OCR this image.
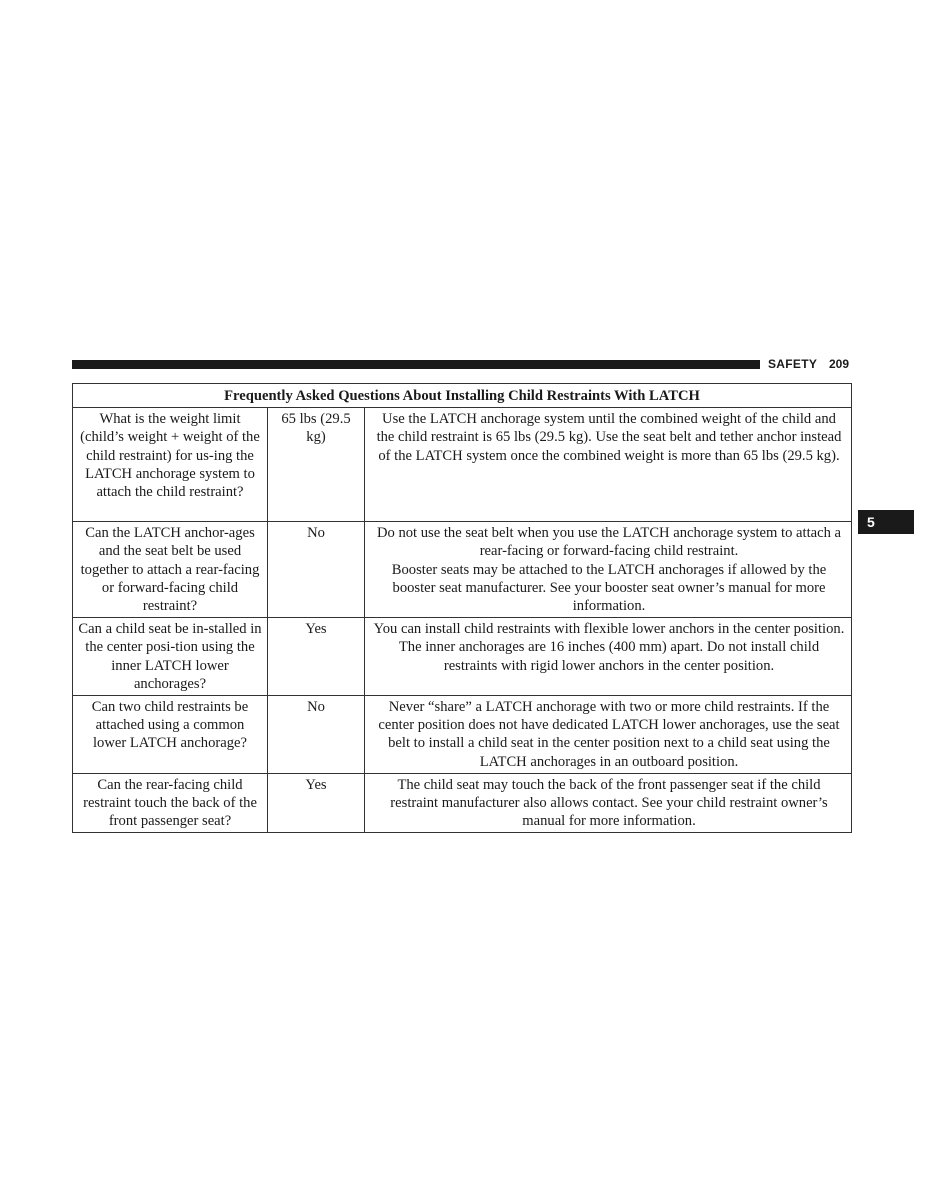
SAFETY 209
5
Frequently Asked Questions About Installing Child Restraints With LATCH		
What is the weight limit (child’s weight + weight of the child restraint) for us-ing the LATCH anchorage system to attach the child restraint?	65 lbs (29.5 kg)	Use the LATCH anchorage system until the combined weight of the child and the child restraint is 65 lbs (29.5 kg). Use the seat belt and tether anchor instead of the LATCH system once the combined weight is more than 65 lbs (29.5 kg).

Can the LATCH anchor-ages and the seat belt be used together to attach a rear-facing or forward-facing child restraint?	No	Do not use the seat belt when you use the LATCH anchorage system to attach a rear-facing or forward-facing child restraint.
Booster seats may be attached to the LATCH anchorages if allowed by the booster seat manufacturer. See your booster seat owner’s manual for more information.

Can a child seat be in-stalled in the center posi-tion using the inner LATCH lower anchorages?	Yes	You can install child restraints with flexible lower anchors in the center position. The inner anchorages are 16 inches (400 mm) apart. Do not install child restraints with rigid lower anchors in the center position.

Can two child restraints be attached using a common lower LATCH anchorage?	No	Never “share” a LATCH anchorage with two or more child restraints. If the center position does not have dedicated LATCH lower anchorages, use the seat belt to install a child seat in the center position next to a child seat using the LATCH anchorages in an outboard position.

Can the rear-facing child restraint touch the back of the front passenger seat?	Yes	The child seat may touch the back of the front passenger seat if the child restraint manufacturer also allows contact. See your child restraint owner’s manual for more information.
